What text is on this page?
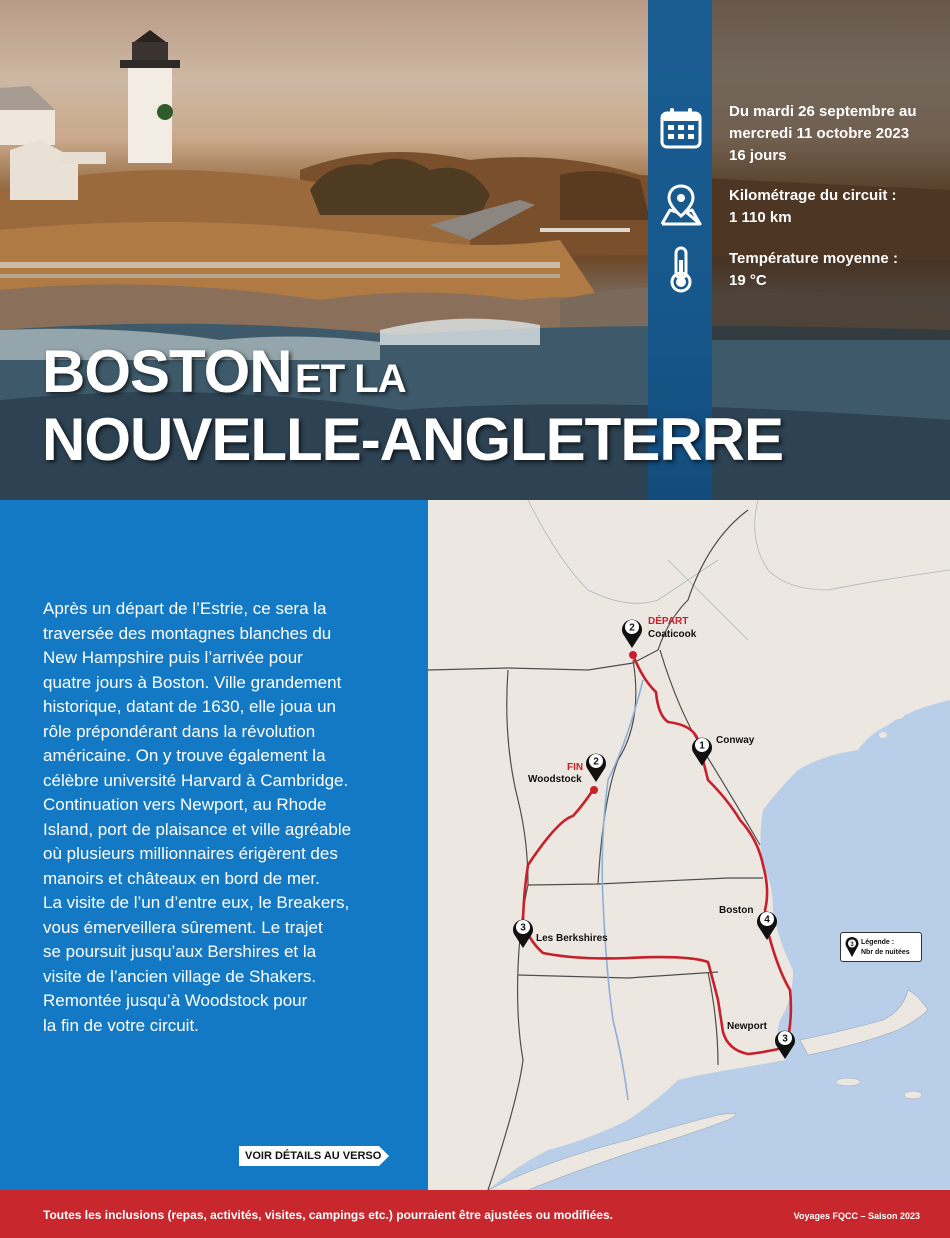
Du mardi 26 septembre au
mercredi 11 octobre 2023
16 jours
Kilométrage du circuit :
1 110 km
Température moyenne :
19 °C
BOSTON ET LA
NOUVELLE-ANGLETERRE

Après un départ de l’Estrie, ce sera la
traversée des montagnes blanches du
New Hampshire puis l’arrivée pour
quatre jours à Boston. Ville grandement
historique, datant de 1630, elle joua un
rôle prépondérant dans la révolution
américaine. On y trouve également la
célèbre université Harvard à Cambridge.
Continuation vers Newport, au Rhode
Island, port de plaisance et ville agréable
où plusieurs millionnaires érigèrent des
manoirs et châteaux en bord de mer.
La visite de l’un d’entre eux, le Breakers,
vous émerveillera sûrement. Le trajet
se poursuit jusqu’aux Bershires et la
visite de l’ancien village de Shakers.
Remontée jusqu’à Woodstock pour
la fin de votre circuit.

VOIR DÉTAILS AU VERSO
2
1
4
3
3
2
DÉPART
Coaticook
Conway
Boston
Newport
Les Berkshires
FIN
Woodstock
3 Légende :
Nbr de nuitées
Toutes les inclusions (repas, activités, visites, campings etc.) pourraient être ajustées ou modifiées.	Voyages FQCC – Saison 2023
